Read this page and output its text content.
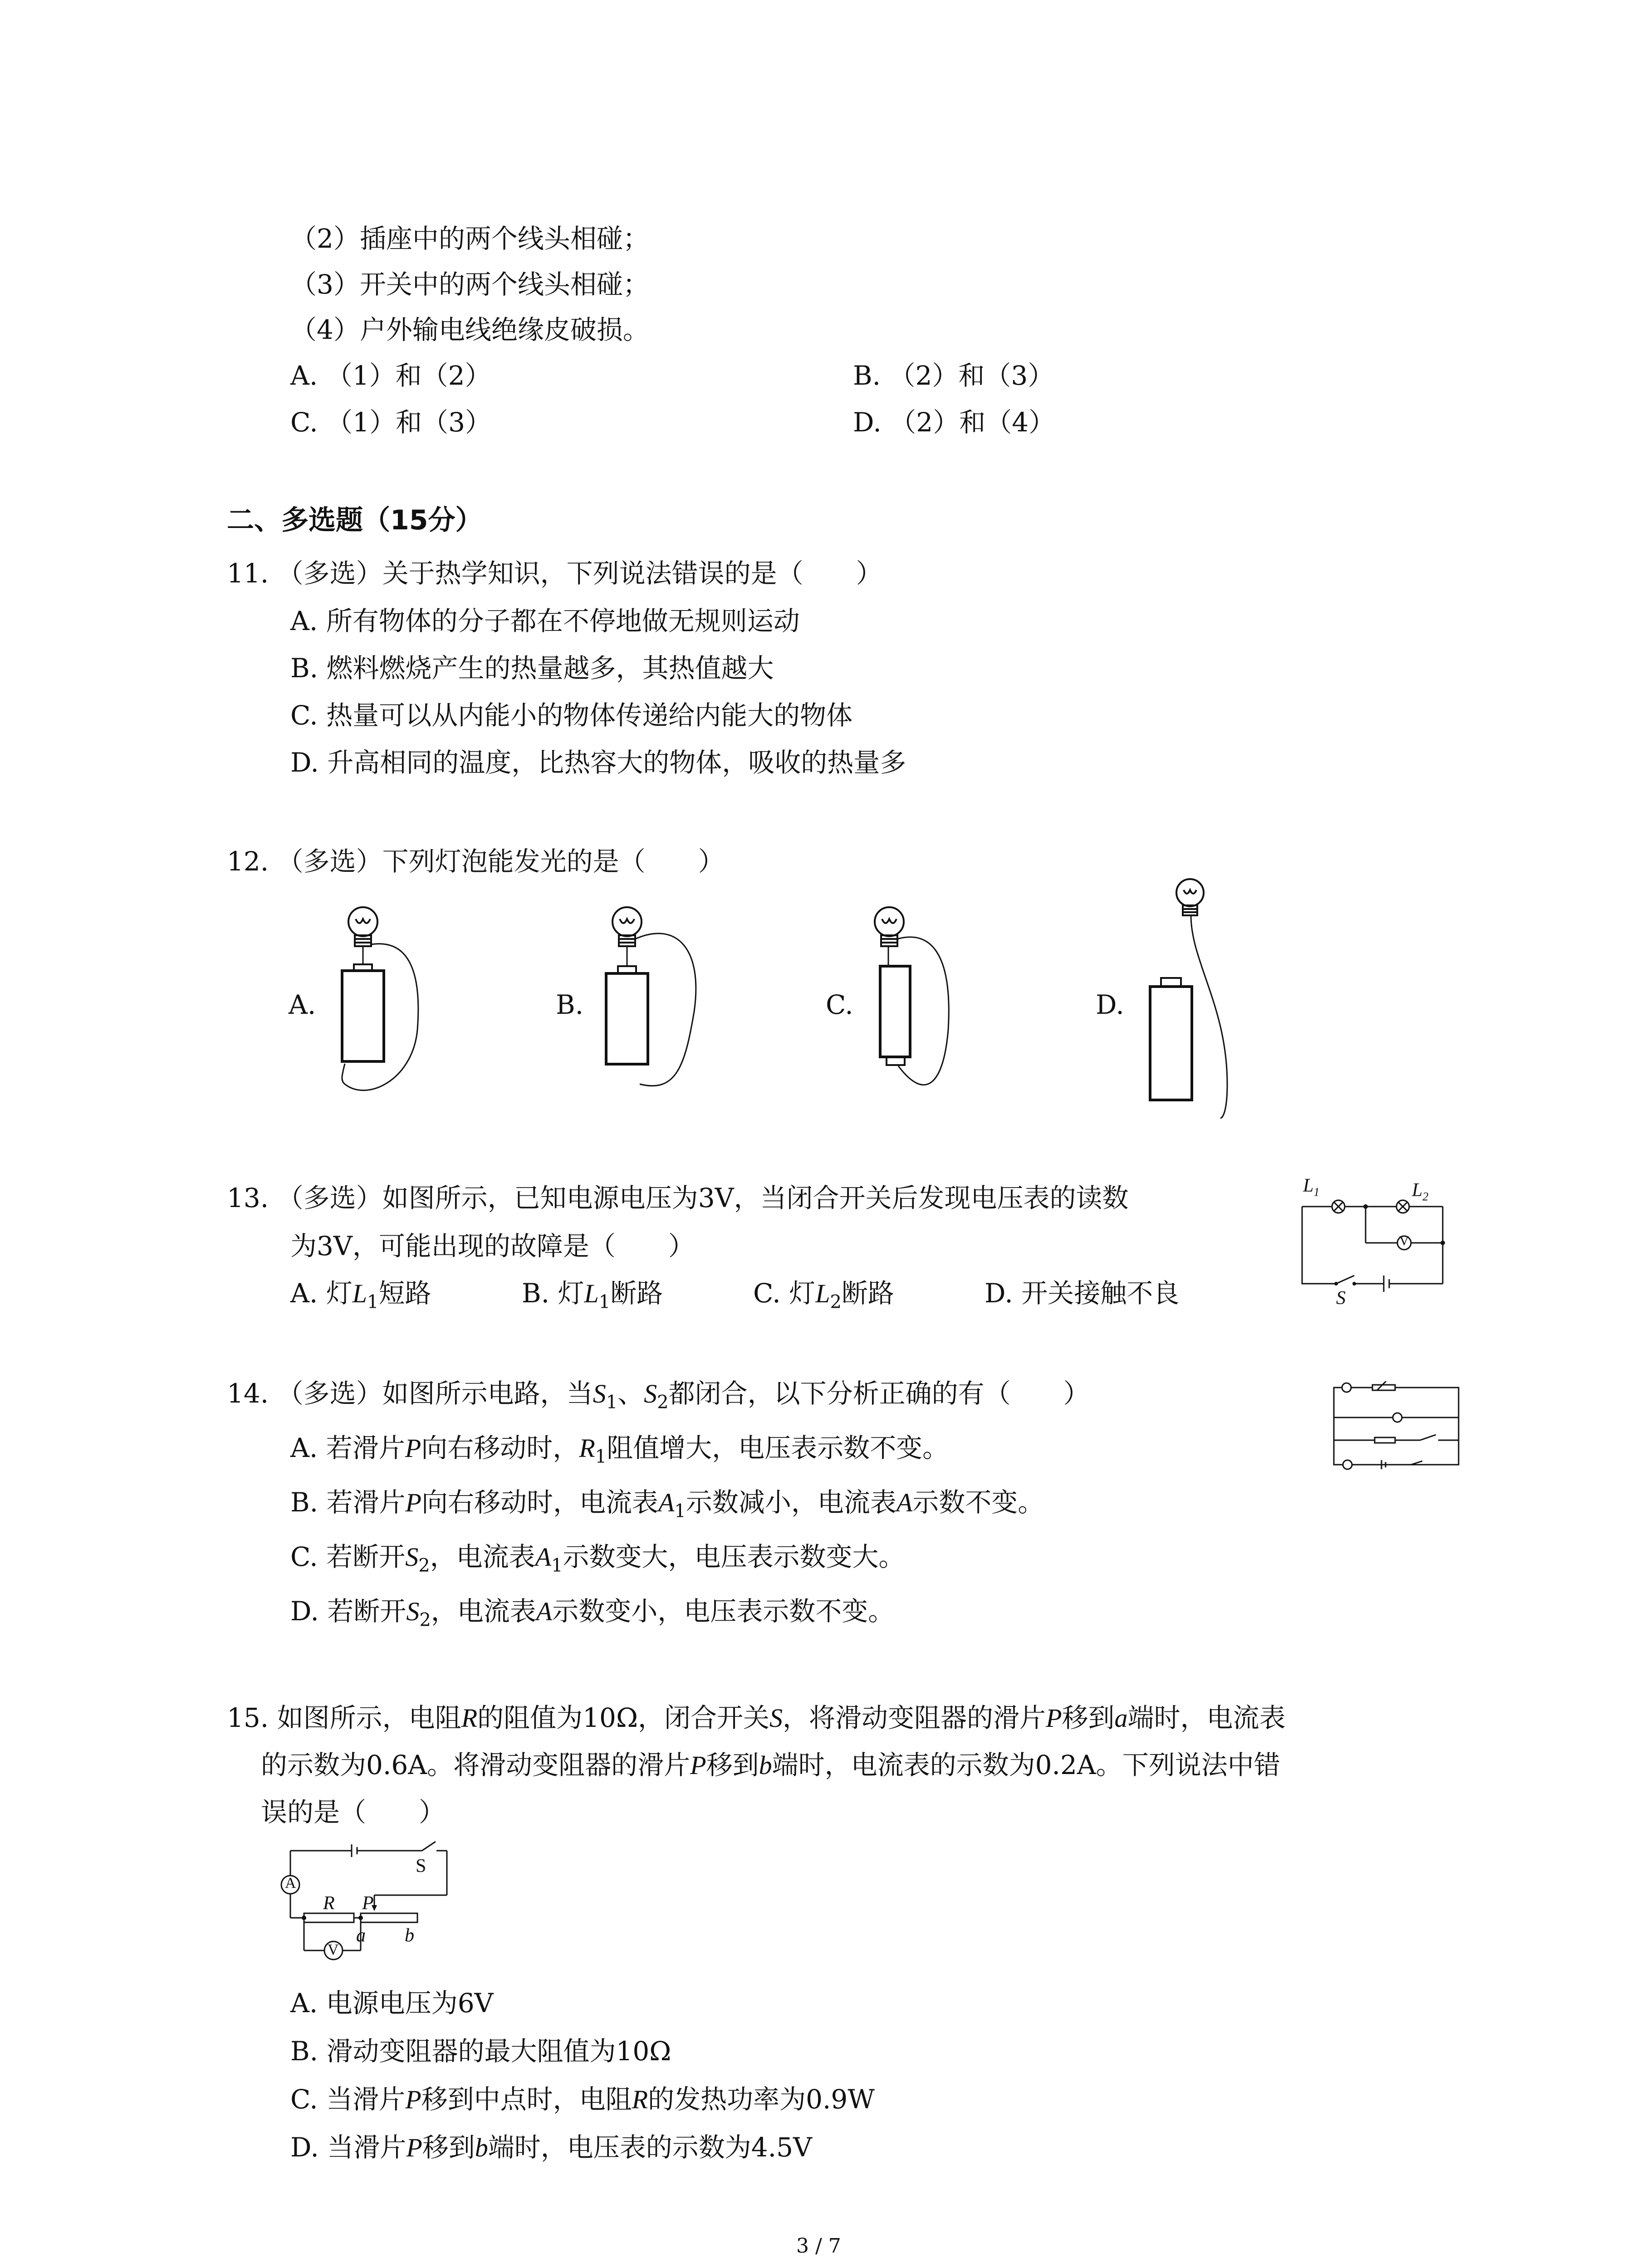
（2）插座中的两个线头相碰；
（3）开关中的两个线头相碰；
（4）户外输电线绝缘皮破损。
A. （1）和（2）	B. （2）和（3）
C. （1）和（3）	D. （2）和（4）
二、多选题（15分）
11. （多选）关于热学知识，下列说法错误的是（　　）
A. 所有物体的分子都在不停地做无规则运动
B. 燃料燃烧产生的热量越多，其热值越大
C. 热量可以从内能小的物体传递给内能大的物体
D. 升高相同的温度，比热容大的物体，吸收的热量多
12. （多选）下列灯泡能发光的是（　　）
A.	B.	C.	D.
13. （多选）如图所示，已知电源电压为3V，当闭合开关后发现电压表的读数
为3V，可能出现的故障是（　　）
A. 灯$L_1$短路	B. 灯$L_1$断路	C. 灯$L_2$断路	D. 开关接触不良
$L_1$	$L_2$
V
S
14. （多选）如图所示电路，当$S_1$、$S_2$都闭合，以下分析正确的有（　　）
A. 若滑片P向右移动时，$R_1$阻值增大，电压表示数不变。
B. 若滑片P向右移动时，电流表$A_1$示数减小，电流表A示数不变。
C. 若断开$S_2$，电流表$A_1$示数变大，电压表示数变大。
D. 若断开$S_2$，电流表A示数变小，电压表示数不变。
15. 如图所示，电阻R的阻值为10Ω，闭合开关S，将滑动变阻器的滑片P移到a端时，电流表
的示数为0.6A。将滑动变阻器的滑片P移到b端时，电流表的示数为0.2A。下列说法中错
误的是（　　）
A
S
R P
a b
V
A. 电源电压为6V
B. 滑动变阻器的最大阻值为10Ω
C. 当滑片P移到中点时，电阻R的发热功率为0.9W
D. 当滑片P移到b端时，电压表的示数为4.5V
3 / 7
